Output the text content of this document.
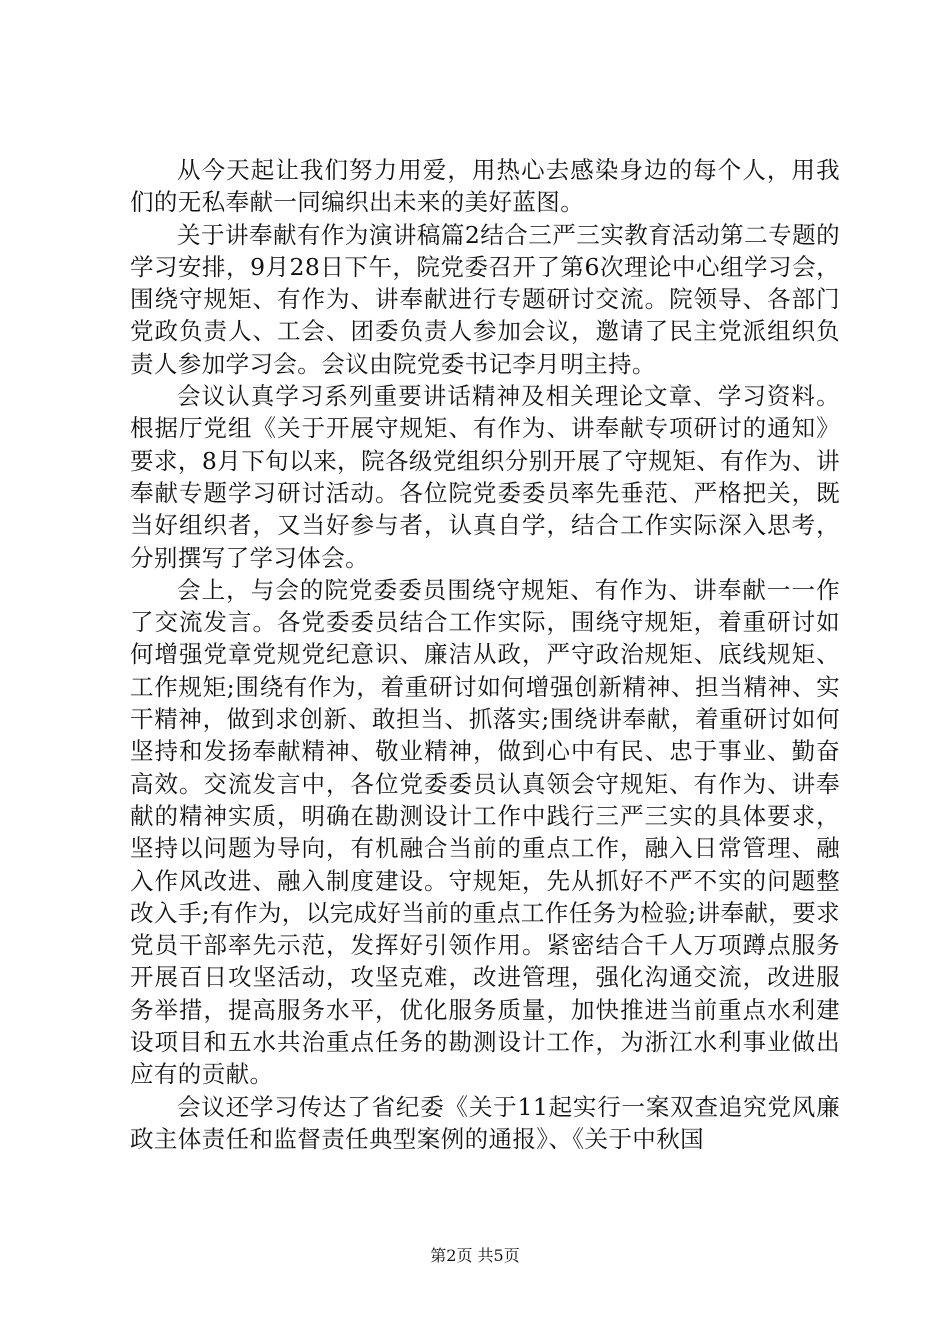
从今天起让我们努力用爱，用热心去感染身边的每个人，用我们的无私奉献一同编织出未来的美好蓝图。

关于讲奉献有作为演讲稿篇2结合三严三实教育活动第二专题的学习安排，9月28日下午，院党委召开了第6次理论中心组学习会，围绕守规矩、有作为、讲奉献进行专题研讨交流。院领导、各部门党政负责人、工会、团委负责人参加会议，邀请了民主党派组织负责人参加学习会。会议由院党委书记李月明主持。

会议认真学习系列重要讲话精神及相关理论文章、学习资料。根据厅党组《关于开展守规矩、有作为、讲奉献专项研讨的通知》要求，8月下旬以来，院各级党组织分别开展了守规矩、有作为、讲奉献专题学习研讨活动。各位院党委委员率先垂范、严格把关，既当好组织者，又当好参与者，认真自学，结合工作实际深入思考，分别撰写了学习体会。

会上，与会的院党委委员围绕守规矩、有作为、讲奉献一一作了交流发言。各党委委员结合工作实际，围绕守规矩，着重研讨如何增强党章党规党纪意识、廉洁从政，严守政治规矩、底线规矩、工作规矩;围绕有作为，着重研讨如何增强创新精神、担当精神、实干精神，做到求创新、敢担当、抓落实;围绕讲奉献，着重研讨如何坚持和发扬奉献精神、敬业精神，做到心中有民、忠于事业、勤奋高效。交流发言中，各位党委委员认真领会守规矩、有作为、讲奉献的精神实质，明确在勘测设计工作中践行三严三实的具体要求，坚持以问题为导向，有机融合当前的重点工作，融入日常管理、融入作风改进、融入制度建设。守规矩，先从抓好不严不实的问题整改入手;有作为，以完成好当前的重点工作任务为检验;讲奉献，要求党员干部率先示范，发挥好引领作用。紧密结合千人万项蹲点服务开展百日攻坚活动，攻坚克难，改进管理，强化沟通交流，改进服务举措，提高服务水平，优化服务质量，加快推进当前重点水利建设项目和五水共治重点任务的勘测设计工作，为浙江水利事业做出应有的贡献。

会议还学习传达了省纪委《关于11起实行一案双查追究党风廉政主体责任和监督责任典型案例的通报》、《关于中秋国

第2页 共5页
